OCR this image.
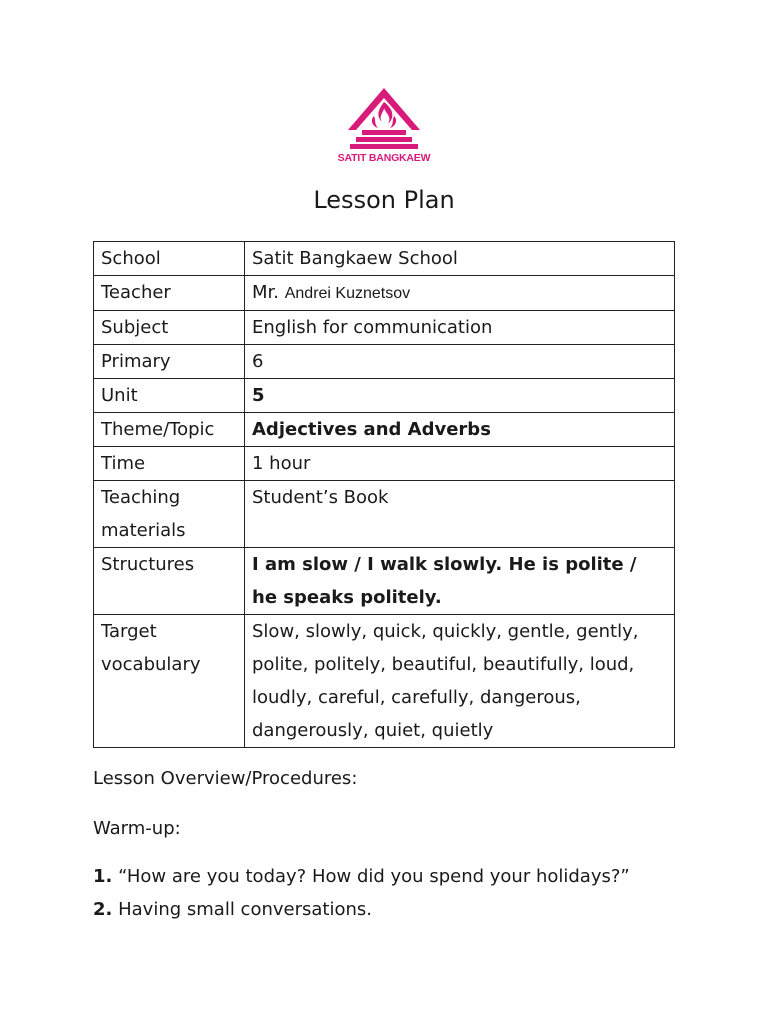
SATIT BANGKAEW
Lesson Plan
School	Satit Bangkaew School
Teacher	Mr. Andrei Kuznetsov
Subject	English for communication
Primary	6
Unit	5
Theme/Topic	Adjectives and Adverbs
Time	1 hour
Teaching materials	Student’s Book
Structures	I am slow / I walk slowly. He is polite / he speaks politely.
Target vocabulary	Slow, slowly, quick, quickly, gentle, gently, polite, politely, beautiful, beautifully, loud, loudly, careful, carefully, dangerous, dangerously, quiet, quietly
Lesson Overview/Procedures:
Warm-up:
1. “How are you today? How did you spend your holidays?”
2. Having small conversations.
